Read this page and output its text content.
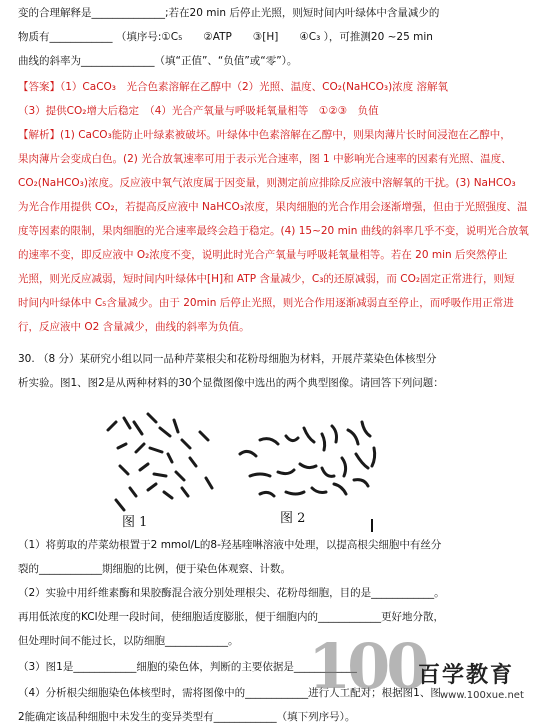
变的合理解释是______________;若在20 min 后停止光照，则短时间内叶绿体中含量减少的
物质有____________ （填序号:①C₅　　②ATP　　③[H]　　④C₃ ），可推测20 ~25 min
曲线的斜率为______________（填“正值”、“负值”或“零”）。
【答案】（1）CaCO₃　光合色素溶解在乙醇中（2）光照、温度、CO₂(NaHCO₃)浓度 溶解氧
（3）提供CO₂增大后稳定　（4）光合产氧量与呼吸耗氧量相等　①②③　负值
【解析】(1) CaCO₃能防止叶绿素被破坏。叶绿体中色素溶解在乙醇中，则果肉薄片长时间浸泡在乙醇中，
果肉薄片会变成白色。(2) 光合放氧速率可用于表示光合速率，图 1 中影响光合速率的因素有光照、温度、
CO₂(NaHCO₃)浓度。反应液中氧气浓度属于因变量，则测定前应排除反应液中溶解氧的干扰。(3) NaHCO₃
为光合作用提供 CO₂，若提高反应液中 NaHCO₃浓度，果肉细胞的光合作用会逐渐增强，但由于光照强度、温
度等因素的限制，果肉细胞的光合速率最终会趋于稳定。(4) 15~20 min 曲线的斜率几乎不变，说明光合放氧
的速率不变，即反应液中 O₂浓度不变，说明此时光合产氧量与呼吸耗氧量相等。若在 20 min 后突然停止
光照，则光反应减弱，短时间内叶绿体中[H]和 ATP 含量减少，C₃的还原减弱，而 CO₂固定正常进行，则短
时间内叶绿体中 C₅含量减少。由于 20min 后停止光照，则光合作用逐渐减弱直至停止，而呼吸作用正常进
行，反应液中 O2 含量减少，曲线的斜率为负值。
30. （8 分）某研究小组以同一品种芹菜根尖和花粉母细胞为材料，开展芹菜染色体核型分
析实验。图1、图2是从两种材料的30个显微图像中选出的两个典型图像。请回答下列问题：
（1）将剪取的芹菜幼根置于2 mmol/L的8-羟基喹啉溶液中处理，以提高根尖细胞中有丝分
裂的____________期细胞的比例，便于染色体观察、计数。
（2）实验中用纤维素酶和果胶酶混合液分别处理根尖、花粉母细胞，目的是____________。
再用低浓度的KCl处理一段时间，使细胞适度膨胀，便于细胞内的____________更好地分散，
但处理时间不能过长，以防细胞____________。
（3）图1是____________细胞的染色体，判断的主要依据是____________
（4）分析根尖细胞染色体核型时，需将图像中的____________进行人工配对；根据图1、图
2能确定该品种细胞中未发生的变异类型有____________（填下列序号）。
图 1	图 2
100
百学教育
www.100xue.net
